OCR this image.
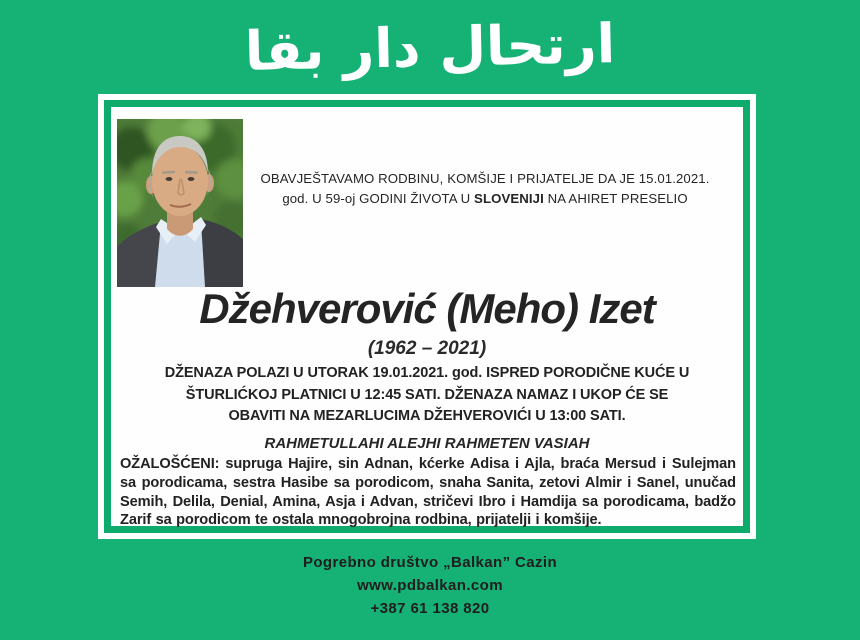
ارتحال دار بقا
OBAVJEŠTAVAMO RODBINU, KOMŠIJE I PRIJATELJE DA JE 15.01.2021.
god. U 59-oj GODINI ŽIVOTA U SLOVENIJI NA AHIRET PRESELIO
Džehverović (Meho) Izet
(1962 – 2021)
DŽENAZA POLAZI U UTORAK 19.01.2021. god. ISPRED PORODIČNE KUĆE U
ŠTURLIĆKOJ PLATNICI U 12:45 SATI. DŽENAZA NAMAZ I UKOP ĆE SE
OBAVITI NA MEZARLUCIMA DŽEHVEROVIĆI U 13:00 SATI.
RAHMETULLAHI ALEJHI RAHMETEN VASIAH
OŽALOŠĆENI: supruga Hajire, sin Adnan, kćerke Adisa i Ajla, braća Mersud i Sulejman sa porodicama, sestra Hasibe sa porodicom, snaha Sanita, zetovi Almir i Sanel, unučad Semih, Delila, Denial, Amina, Asja i Advan, stričevi Ibro i Hamdija sa porodicama, badžo Zarif sa porodicom te ostala mnogobrojna rodbina, prijatelji i komšije.
Pogrebno društvo „Balkan” Cazin
www.pdbalkan.com
+387 61 138 820
